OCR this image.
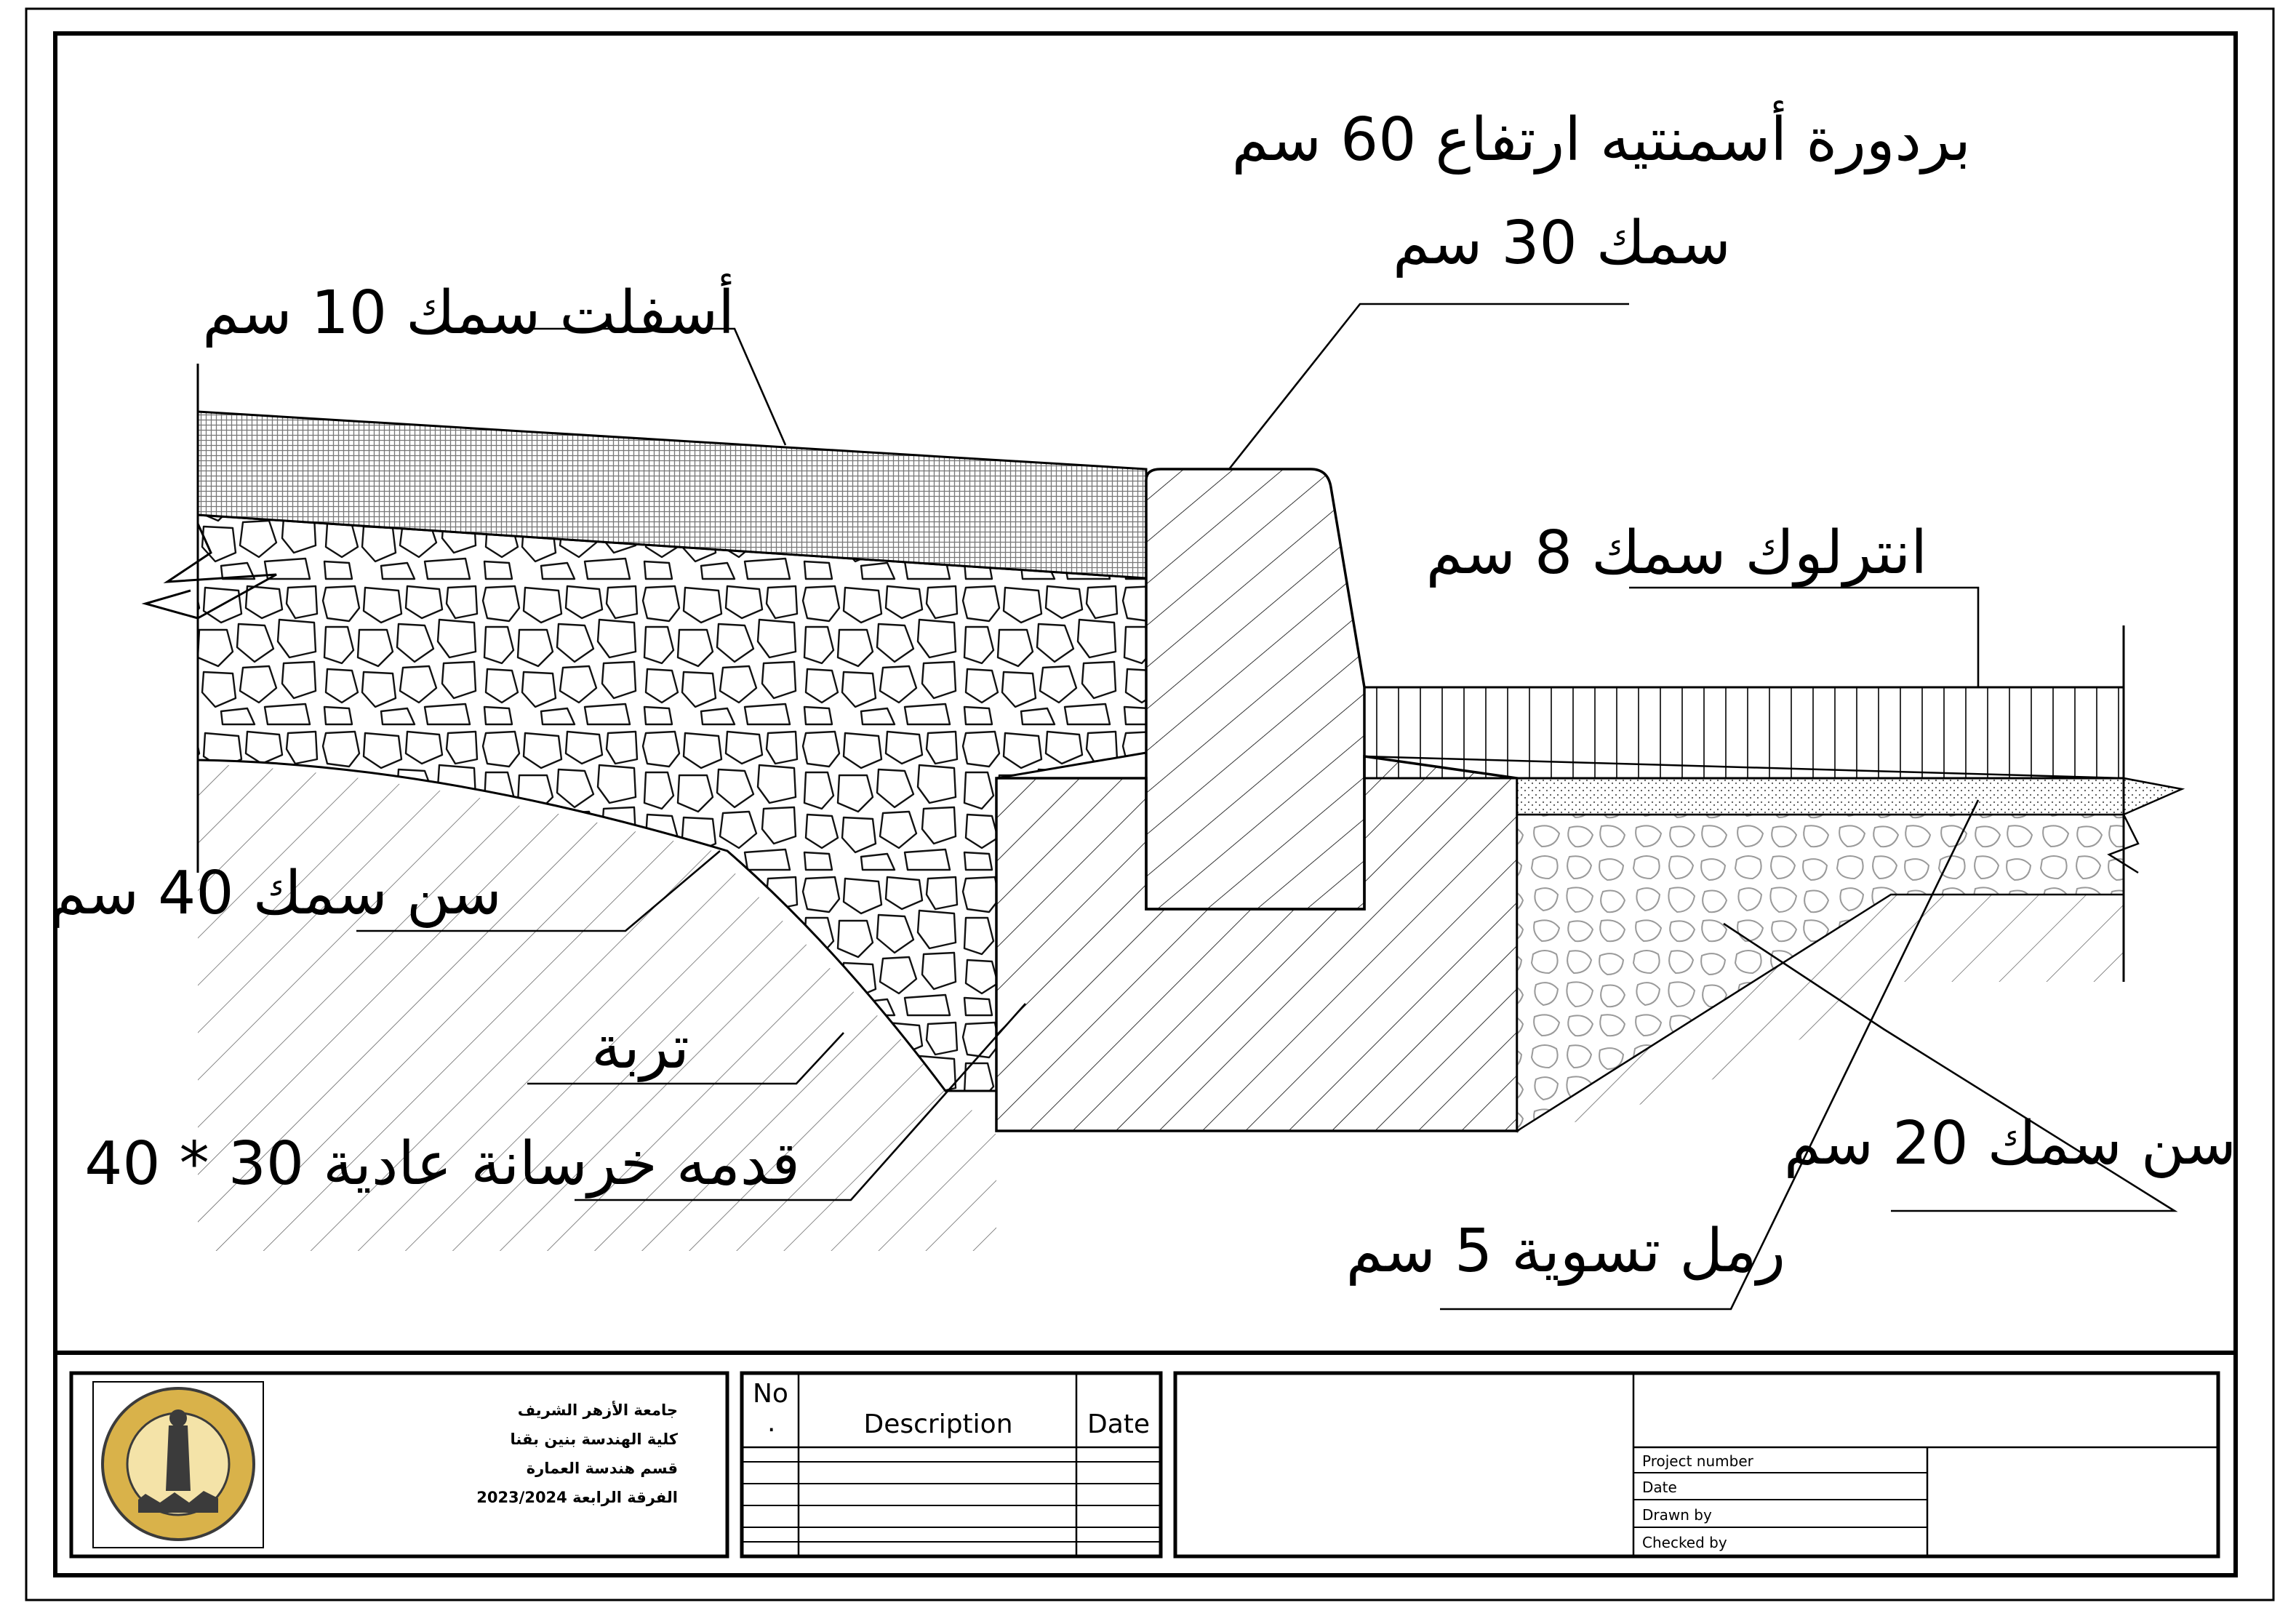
بردورة أسمنتيه ارتفاع 60 سم
سمك 30 سم
أسفلت سمك 10 سم
انترلوك سمك 8 سم
سن سمك 40 سم
تربة
قدمه خرسانة عادية 30 * 40	سن سمك 20 سم
رمل تسوية 5 سم
جامعة الأزهر الشريف
كلية الهندسة بنين بقنا
قسم هندسة العمارة
الفرقة الرابعة 2023/2024
No
.	Description	Date
Project number
Date
Drawn by
Checked by
